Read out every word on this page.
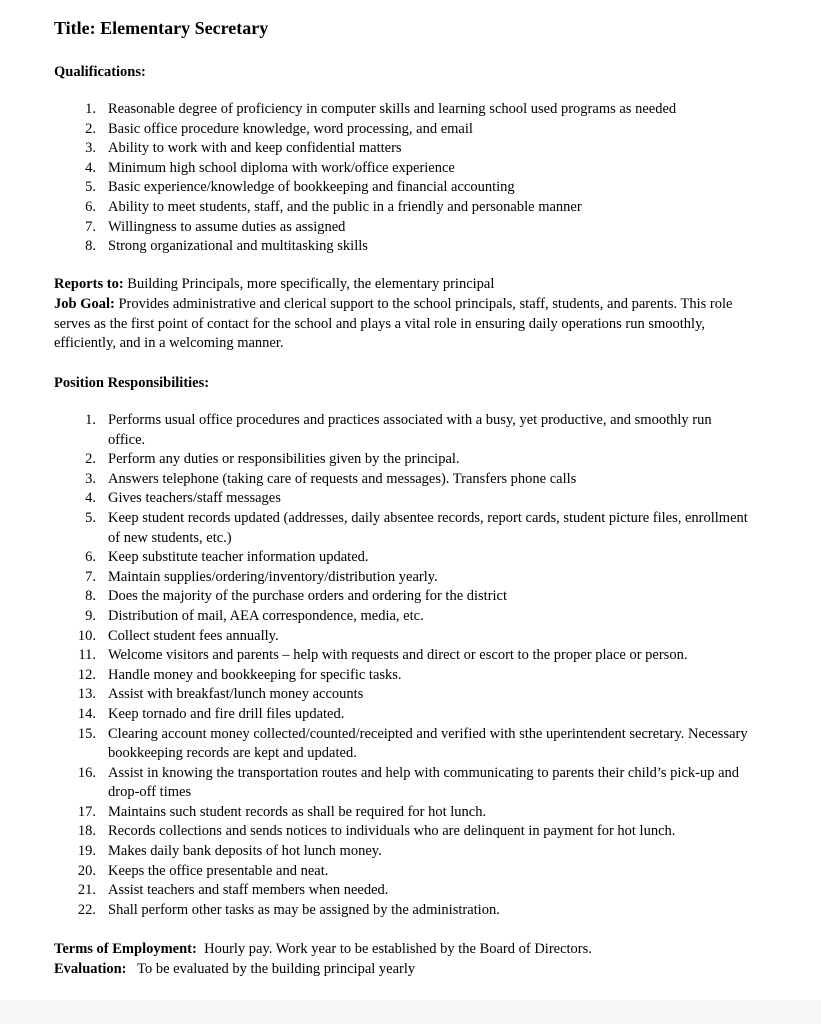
Title: Elementary Secretary
Qualifications:
1. Reasonable degree of proficiency in computer skills and learning school used programs as needed
2. Basic office procedure knowledge, word processing, and email
3. Ability to work with and keep confidential matters
4. Minimum high school diploma with work/office experience
5. Basic experience/knowledge of bookkeeping and financial accounting
6. Ability to meet students, staff, and the public in a friendly and personable manner
7. Willingness to assume duties as assigned
8. Strong organizational and multitasking skills
Reports to: Building Principals, more specifically, the elementary principal
Job Goal: Provides administrative and clerical support to the school principals, staff, students, and parents. This role serves as the first point of contact for the school and plays a vital role in ensuring daily operations run smoothly, efficiently, and in a welcoming manner.
Position Responsibilities:
1. Performs usual office procedures and practices associated with a busy, yet productive, and smoothly run office.
2. Perform any duties or responsibilities given by the principal.
3. Answers telephone (taking care of requests and messages). Transfers phone calls
4. Gives teachers/staff messages
5. Keep student records updated (addresses, daily absentee records, report cards, student picture files, enrollment of new students, etc.)
6. Keep substitute teacher information updated.
7. Maintain supplies/ordering/inventory/distribution yearly.
8. Does the majority of the purchase orders and ordering for the district
9. Distribution of mail, AEA correspondence, media, etc.
10. Collect student fees annually.
11. Welcome visitors and parents – help with requests and direct or escort to the proper place or person.
12. Handle money and bookkeeping for specific tasks.
13. Assist with breakfast/lunch money accounts
14. Keep tornado and fire drill files updated.
15. Clearing account money collected/counted/receipted and verified with sthe uperintendent secretary. Necessary bookkeeping records are kept and updated.
16. Assist in knowing the transportation routes and help with communicating to parents their child’s pick-up and drop-off times
17. Maintains such student records as shall be required for hot lunch.
18. Records collections and sends notices to individuals who are delinquent in payment for hot lunch.
19. Makes daily bank deposits of hot lunch money.
20. Keeps the office presentable and neat.
21. Assist teachers and staff members when needed.
22. Shall perform other tasks as may be assigned by the administration.
Terms of Employment:  Hourly pay. Work year to be established by the Board of Directors.
Evaluation:   To be evaluated by the building principal yearly
